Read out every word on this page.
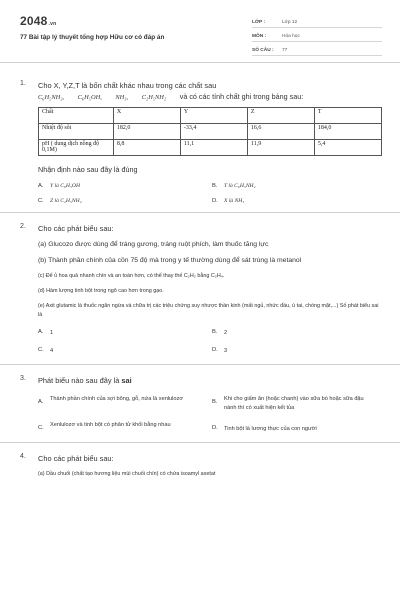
2048.vn
77 Bài tập lý thuyết tổng hợp Hữu cơ có đáp án
LỚP :	Lớp 12
MÔN :	Hóa học
SỐ CÂU :	77
1. Cho X, Y,Z,T là bốn chất khác nhau trong các chất sau
C₆H₅NH₂, C₆H₅OH, NH₃, C₂H₅NH₂ và có các tính chất ghi trong bảng sau:
Chất	X	Y	Z	T
Nhiệt độ sôi	182,0	-33,4	16,6	184,0
pH ( dung dịch nồng độ 0,1M)	8,8	11,1	11,9	5,4
Nhận định nào sau đây là đúng
A.	Y là C₆H₅OH	B.	T là C₆H₅NH₂
C.	Z là C₂H₅NH₂	D.	X là NH₃
2. Cho các phát biểu sau:
(a) Glucozo được dùng để tráng gương, tráng ruột phích, làm thuốc tăng lực
(b) Thành phần chính của cồn 75 độ mà trong y tế thường dùng để sát trùng là metanol
(c) Để ủ hoa quả nhanh chín và an toàn hơn, có thể thay thế C₂H₂ bằng C₂H₄.
(d) Hàm lượng tinh bột trong ngô cao hơn trong gạo.
(e) Axit glutamic là thuốc ngăn ngừa và chữa trị các triệu chứng suy nhược thần kinh (mất ngủ, nhức đầu, ù tai, chóng mặt,...) Số phát biểu sai là
A.	1	B.	2
C.	4	D.	3
3. Phát biểu nào sau đây là sai
A.	Thành phần chính của sợi bông, gỗ, nứa là xenlulozơ	B.	Khi cho giấm ăn (hoặc chanh) vào sữa bò hoặc sữa đậu nành thì có xuất hiện kết tủa
C.	Xenlulozơ và tinh bột có phân tử khối bằng nhau	D.	Tinh bột là lương thực của con người
4. Cho các phát biểu sau:
(a) Dầu chuối (chất tạo hương liệu mùi chuối chín) có chứa isoamyl axetat
